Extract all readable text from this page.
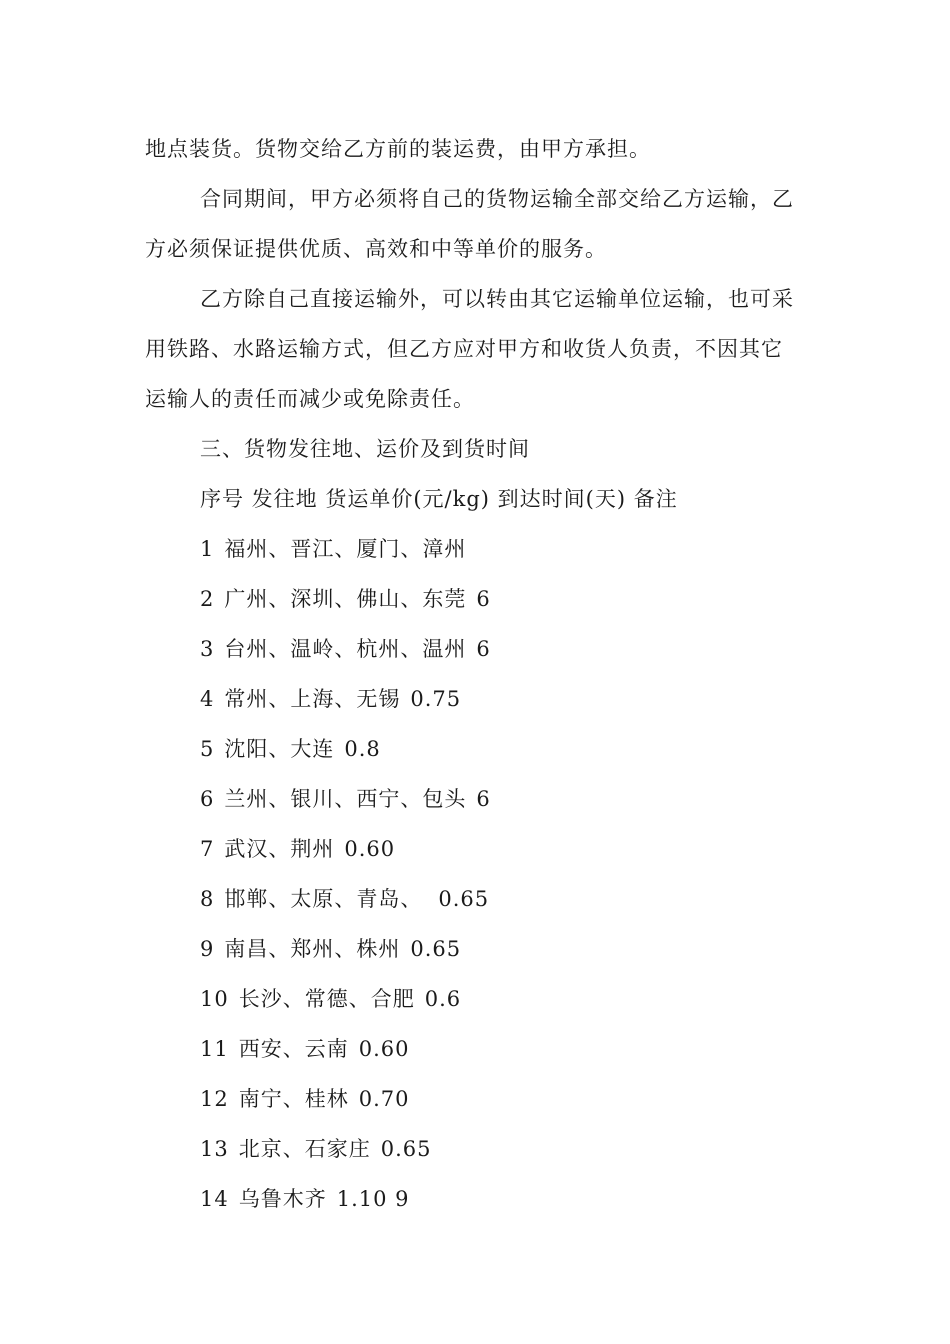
地点装货。货物交给乙方前的装运费，由甲方承担。
合同期间，甲方必须将自己的货物运输全部交给乙方运输，乙
方必须保证提供优质、高效和中等单价的服务。
乙方除自己直接运输外，可以转由其它运输单位运输，也可采
用铁路、水路运输方式，但乙方应对甲方和收货人负责，不因其它
运输人的责任而减少或免除责任。
三、货物发往地、运价及到货时间
序号 发往地 货运单价(元/kg) 到达时间(天) 备注
1 福州、晋江、厦门、漳州
2 广州、深圳、佛山、东莞 6
3 台州、温岭、杭州、温州 6
4 常州、上海、无锡 0.75
5 沈阳、大连 0.8
6 兰州、银川、西宁、包头 6
7 武汉、荆州 0.60
8 邯郸、太原、青岛、 0.65
9 南昌、郑州、株州 0.65
10 长沙、常德、合肥 0.6
11 西安、云南 0.60
12 南宁、桂林 0.70
13 北京、石家庄 0.65
14 乌鲁木齐 1.10 9
